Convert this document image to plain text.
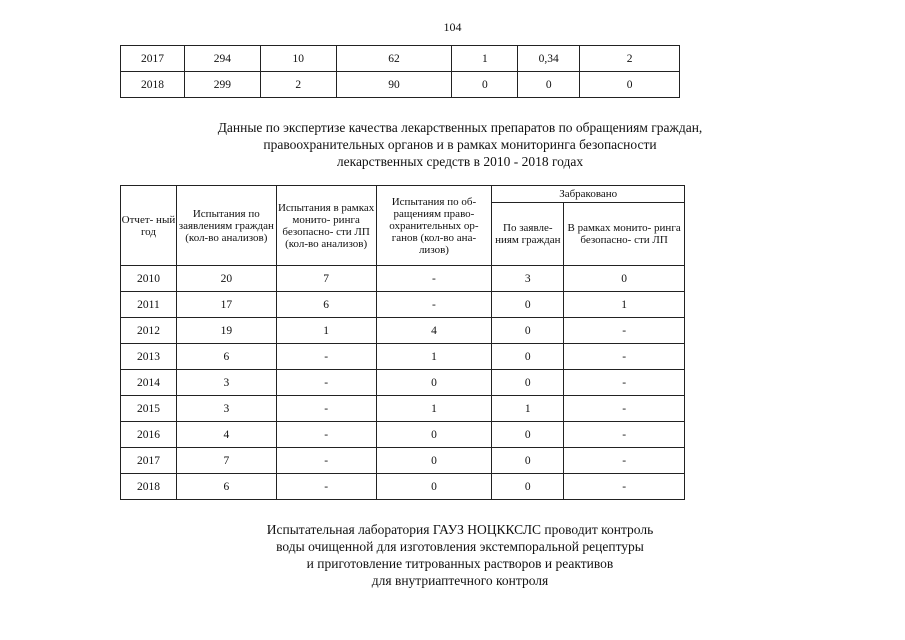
104
2017	294	10	62	1	0,34	2
2018	299	2	90	0	0	0
Данные по экспертизе качества лекарственных препаратов по обращениям граждан,
правоохранительных органов и в рамках мониторинга безопасности
лекарственных средств в 2010 - 2018 годах
Отчет- ный год	Испытания по заявлениям граждан (кол-во анализов)	Испытания в рамках монито- ринга безопасно- сти ЛП (кол-во анализов)	Испытания по об- ращениям право- охранительных ор- ганов (кол-во ана- лизов)	Забраковано	
				По заявле- ниям граждан	В рамках монито- ринга безопасно- сти ЛП
2010	20	7	-	3	0
2011	17	6	-	0	1
2012	19	1	4	0	-
2013	6	-	1	0	-
2014	3	-	0	0	-
2015	3	-	1	1	-
2016	4	-	0	0	-
2017	7	-	0	0	-
2018	6	-	0	0	-
Испытательная лаборатория ГАУЗ НОЦККСЛС проводит контроль
воды очищенной для изготовления экстемпоральной рецептуры
и приготовление титрованных растворов и реактивов
для внутриаптечного контроля
